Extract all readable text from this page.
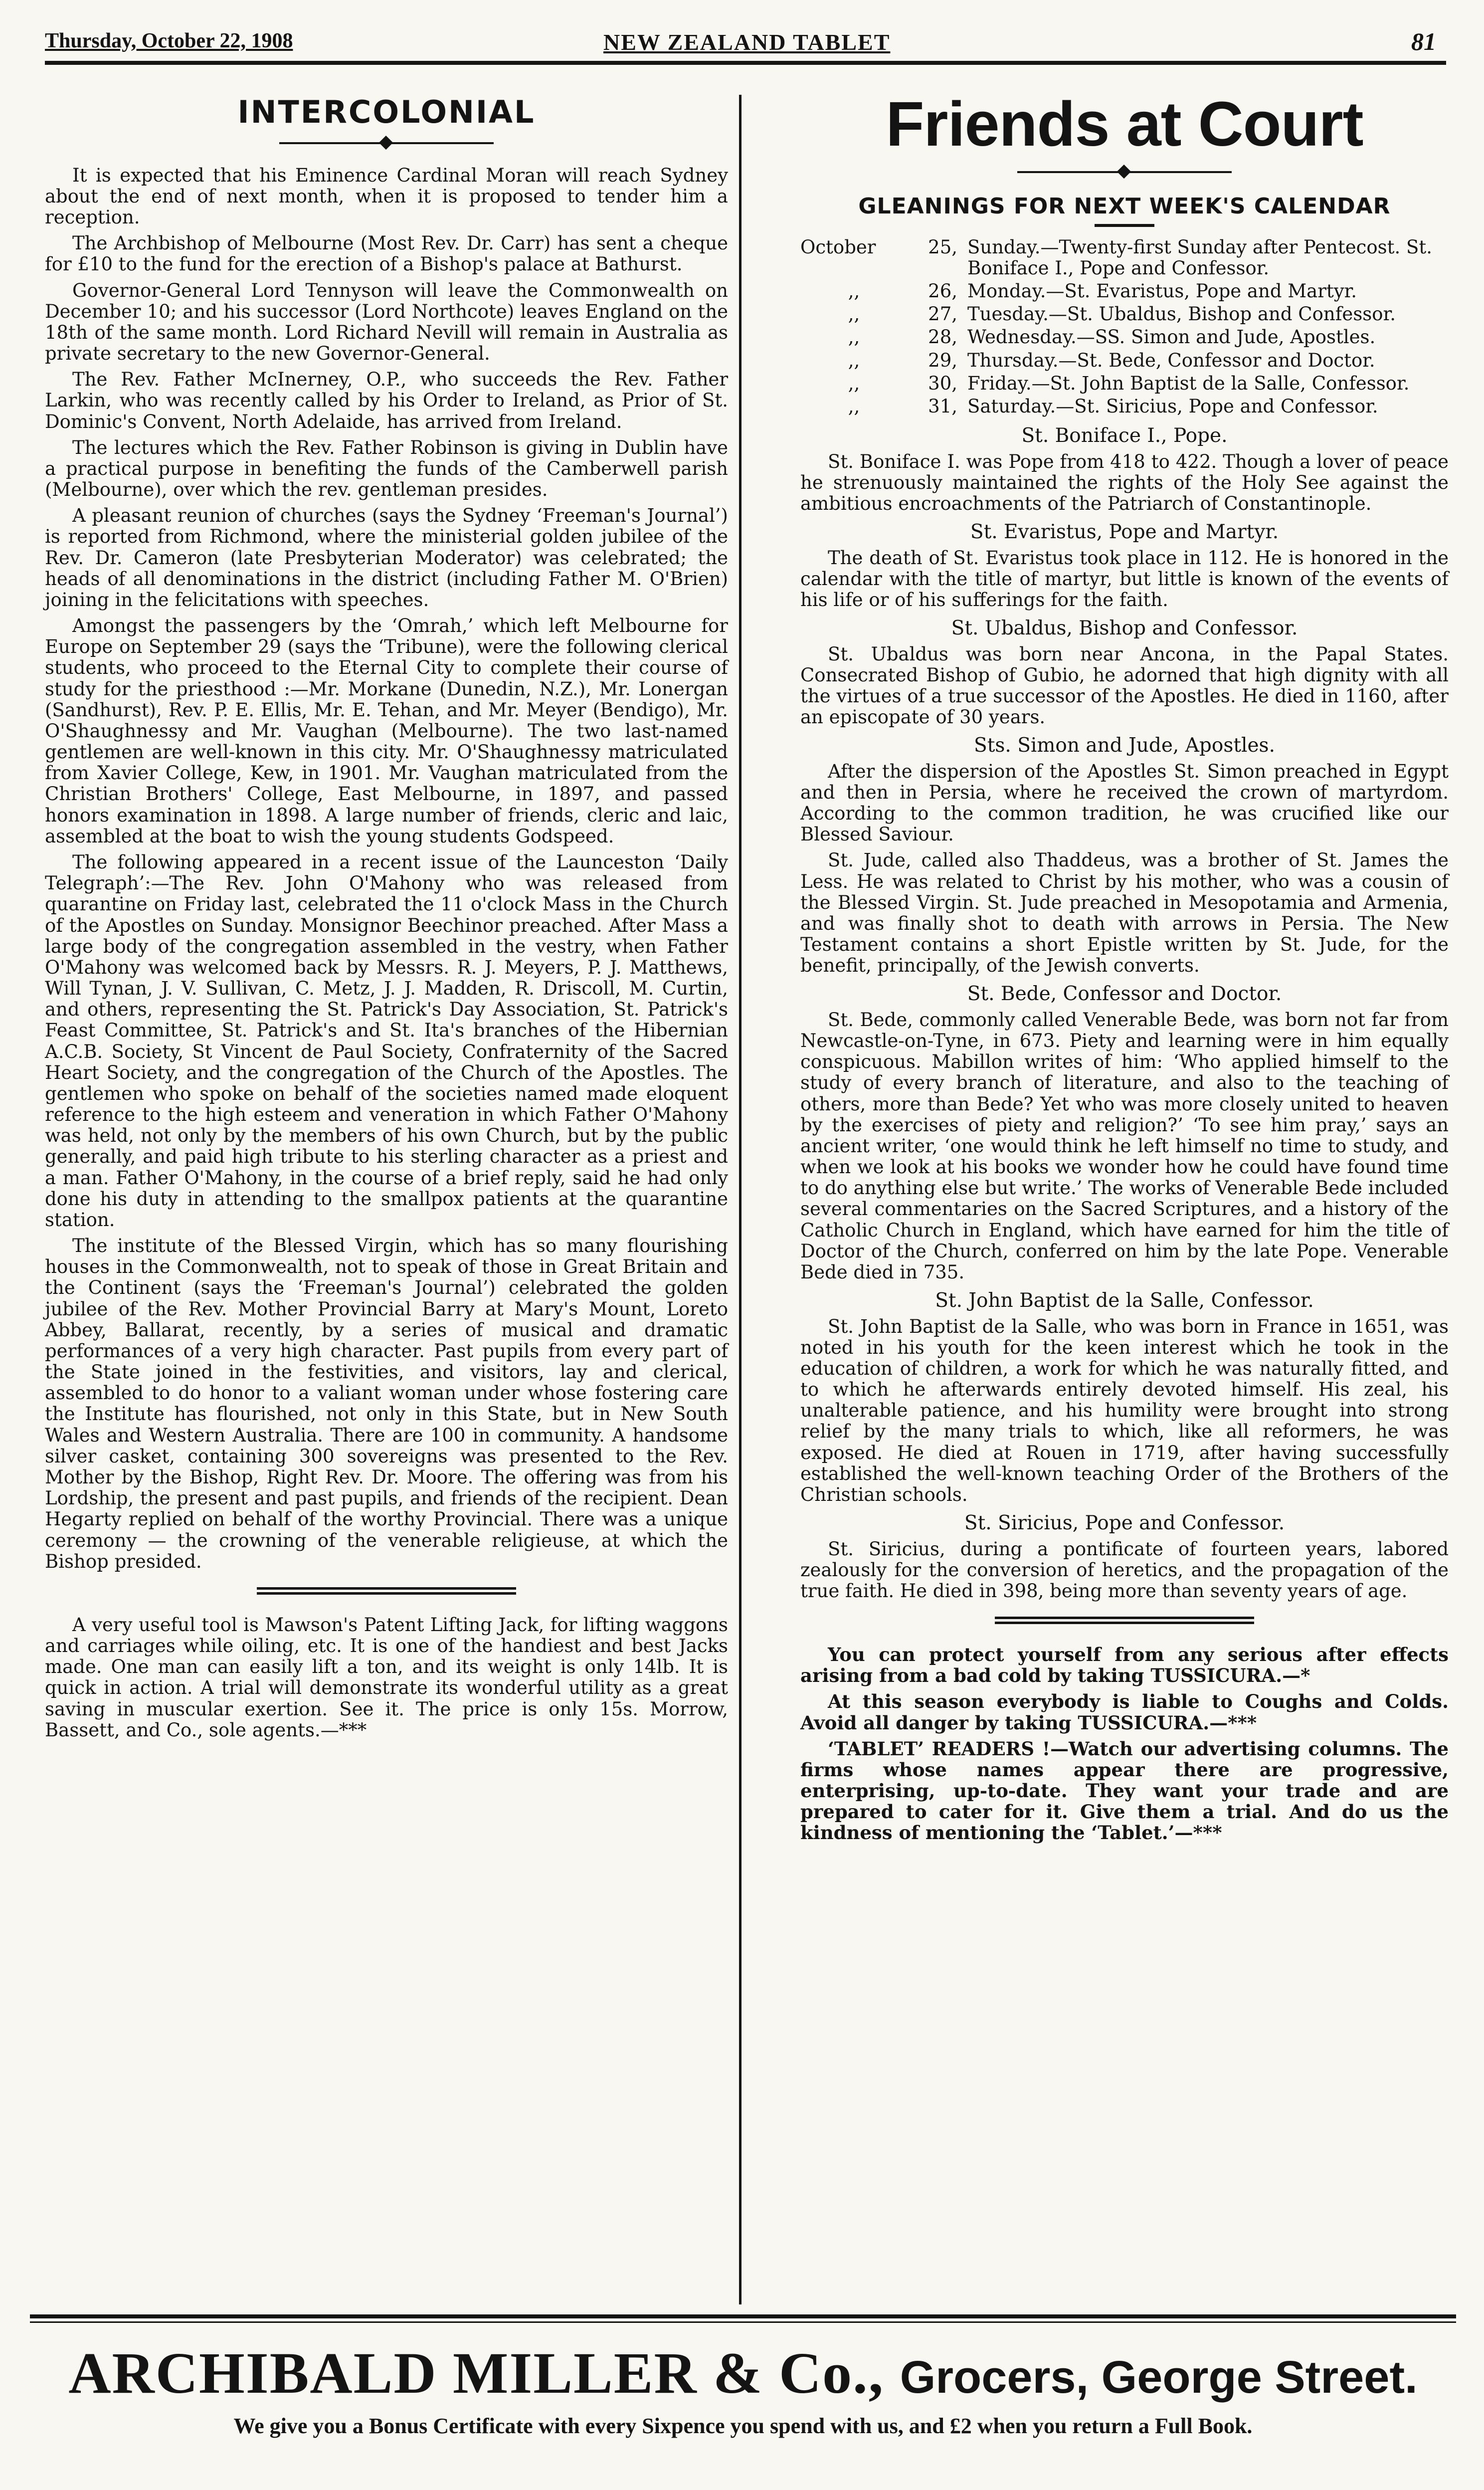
Thursday, October 22, 1908	NEW ZEALAND TABLET	81
INTERCOLONIAL

It is expected that his Eminence Cardinal Moran will reach Sydney about the end of next month, when it is proposed to tender him a reception.

The Archbishop of Melbourne (Most Rev. Dr. Carr) has sent a cheque for £10 to the fund for the erection of a Bishop's palace at Bathurst.

Governor-General Lord Tennyson will leave the Commonwealth on December 10; and his successor (Lord Northcote) leaves England on the 18th of the same month. Lord Richard Nevill will remain in Australia as private secretary to the new Governor-General.

The Rev. Father McInerney, O.P., who succeeds the Rev. Father Larkin, who was recently called by his Order to Ireland, as Prior of St. Dominic's Convent, North Adelaide, has arrived from Ireland.

The lectures which the Rev. Father Robinson is giving in Dublin have a practical purpose in benefiting the funds of the Camberwell parish (Melbourne), over which the rev. gentleman presides.

A pleasant reunion of churches (says the Sydney ‘Freeman's Journal’) is reported from Richmond, where the ministerial golden jubilee of the Rev. Dr. Cameron (late Presbyterian Moderator) was celebrated; the heads of all denominations in the district (including Father M. O'Brien) joining in the felicitations with speeches.

Amongst the passengers by the ‘Omrah,’ which left Melbourne for Europe on September 29 (says the ‘Tribune), were the following clerical students, who proceed to the Eternal City to complete their course of study for the priesthood :—Mr. Morkane (Dunedin, N.Z.), Mr. Lonergan (Sandhurst), Rev. P. E. Ellis, Mr. E. Tehan, and Mr. Meyer (Bendigo), Mr. O'Shaughnessy and Mr. Vaughan (Melbourne). The two last-named gentlemen are well-known in this city. Mr. O'Shaughnessy matriculated from Xavier College, Kew, in 1901. Mr. Vaughan matriculated from the Christian Brothers' College, East Melbourne, in 1897, and passed honors examination in 1898. A large number of friends, cleric and laic, assembled at the boat to wish the young students Godspeed.

The following appeared in a recent issue of the Launceston ‘Daily Telegraph’:—The Rev. John O'Mahony who was released from quarantine on Friday last, celebrated the 11 o'clock Mass in the Church of the Apostles on Sunday. Monsignor Beechinor preached. After Mass a large body of the congregation assembled in the vestry, when Father O'Mahony was welcomed back by Messrs. R. J. Meyers, P. J. Matthews, Will Tynan, J. V. Sullivan, C. Metz, J. J. Madden, R. Driscoll, M. Curtin, and others, representing the St. Patrick's Day Association, St. Patrick's Feast Committee, St. Patrick's and St. Ita's branches of the Hibernian A.C.B. Society, St Vincent de Paul Society, Confraternity of the Sacred Heart Society, and the congregation of the Church of the Apostles. The gentlemen who spoke on behalf of the societies named made eloquent reference to the high esteem and veneration in which Father O'Mahony was held, not only by the members of his own Church, but by the public generally, and paid high tribute to his sterling character as a priest and a man. Father O'Mahony, in the course of a brief reply, said he had only done his duty in attending to the smallpox patients at the quarantine station.

The institute of the Blessed Virgin, which has so many flourishing houses in the Commonwealth, not to speak of those in Great Britain and the Continent (says the ‘Freeman's Journal’) celebrated the golden jubilee of the Rev. Mother Provincial Barry at Mary's Mount, Loreto Abbey, Ballarat, recently, by a series of musical and dramatic performances of a very high character. Past pupils from every part of the State joined in the festivities, and visitors, lay and clerical, assembled to do honor to a valiant woman under whose fostering care the Institute has flourished, not only in this State, but in New South Wales and Western Australia. There are 100 in community. A handsome silver casket, containing 300 sovereigns was presented to the Rev. Mother by the Bishop, Right Rev. Dr. Moore. The offering was from his Lordship, the present and past pupils, and friends of the recipient. Dean Hegarty replied on behalf of the worthy Provincial. There was a unique ceremony — the crowning of the venerable religieuse, at which the Bishop presided.

A very useful tool is Mawson's Patent Lifting Jack, for lifting waggons and carriages while oiling, etc. It is one of the handiest and best Jacks made. One man can easily lift a ton, and its weight is only 14lb. It is quick in action. A trial will demonstrate its wonderful utility as a great saving in muscular exertion. See it. The price is only 15s. Morrow, Bassett, and Co., sole agents.—***

Friends at Court
GLEANINGS FOR NEXT WEEK'S CALENDAR
October	25, Sunday.—Twenty-first Sunday after Pentecost. St. Boniface I., Pope and Confessor.
,,	26, Monday.—St. Evaristus, Pope and Martyr.
,,	27, Tuesday.—St. Ubaldus, Bishop and Confessor.
,,	28, Wednesday.—SS. Simon and Jude, Apostles.
,,	29, Thursday.—St. Bede, Confessor and Doctor.
,,	30, Friday.—St. John Baptist de la Salle, Confessor.
,,	31, Saturday.—St. Siricius, Pope and Confessor.
St. Boniface I., Pope.

St. Boniface I. was Pope from 418 to 422. Though a lover of peace he strenuously maintained the rights of the Holy See against the ambitious encroachments of the Patriarch of Constantinople.

St. Evaristus, Pope and Martyr.

The death of St. Evaristus took place in 112. He is honored in the calendar with the title of martyr, but little is known of the events of his life or of his sufferings for the faith.

St. Ubaldus, Bishop and Confessor.

St. Ubaldus was born near Ancona, in the Papal States. Consecrated Bishop of Gubio, he adorned that high dignity with all the virtues of a true successor of the Apostles. He died in 1160, after an episcopate of 30 years.

Sts. Simon and Jude, Apostles.

After the dispersion of the Apostles St. Simon preached in Egypt and then in Persia, where he received the crown of martyrdom. According to the common tradition, he was crucified like our Blessed Saviour.

St. Jude, called also Thaddeus, was a brother of St. James the Less. He was related to Christ by his mother, who was a cousin of the Blessed Virgin. St. Jude preached in Mesopotamia and Armenia, and was finally shot to death with arrows in Persia. The New Testament contains a short Epistle written by St. Jude, for the benefit, principally, of the Jewish converts.

St. Bede, Confessor and Doctor.

St. Bede, commonly called Venerable Bede, was born not far from Newcastle-on-Tyne, in 673. Piety and learning were in him equally conspicuous. Mabillon writes of him: ‘Who applied himself to the study of every branch of literature, and also to the teaching of others, more than Bede? Yet who was more closely united to heaven by the exercises of piety and religion?’ ‘To see him pray,’ says an ancient writer, ‘one would think he left himself no time to study, and when we look at his books we wonder how he could have found time to do anything else but write.’ The works of Venerable Bede included several commentaries on the Sacred Scriptures, and a history of the Catholic Church in England, which have earned for him the title of Doctor of the Church, conferred on him by the late Pope. Venerable Bede died in 735.

St. John Baptist de la Salle, Confessor.

St. John Baptist de la Salle, who was born in France in 1651, was noted in his youth for the keen interest which he took in the education of children, a work for which he was naturally fitted, and to which he afterwards entirely devoted himself. His zeal, his unalterable patience, and his humility were brought into strong relief by the many trials to which, like all reformers, he was exposed. He died at Rouen in 1719, after having successfully established the well-known teaching Order of the Brothers of the Christian schools.

St. Siricius, Pope and Confessor.

St. Siricius, during a pontificate of fourteen years, labored zealously for the conversion of heretics, and the propagation of the true faith. He died in 398, being more than seventy years of age.

You can protect yourself from any serious after effects arising from a bad cold by taking TUSSICURA.—*

At this season everybody is liable to Coughs and Colds. Avoid all danger by taking TUSSICURA.—***

‘TABLET’ READERS !—Watch our advertising columns. The firms whose names appear there are progressive, enterprising, up-to-date. They want your trade and are prepared to cater for it. Give them a trial. And do us the kindness of mentioning the ‘Tablet.’—***

ARCHIBALD MILLER & Co., Grocers, George Street.
We give you a Bonus Certificate with every Sixpence you spend with us, and £2 when you return a Full Book.
